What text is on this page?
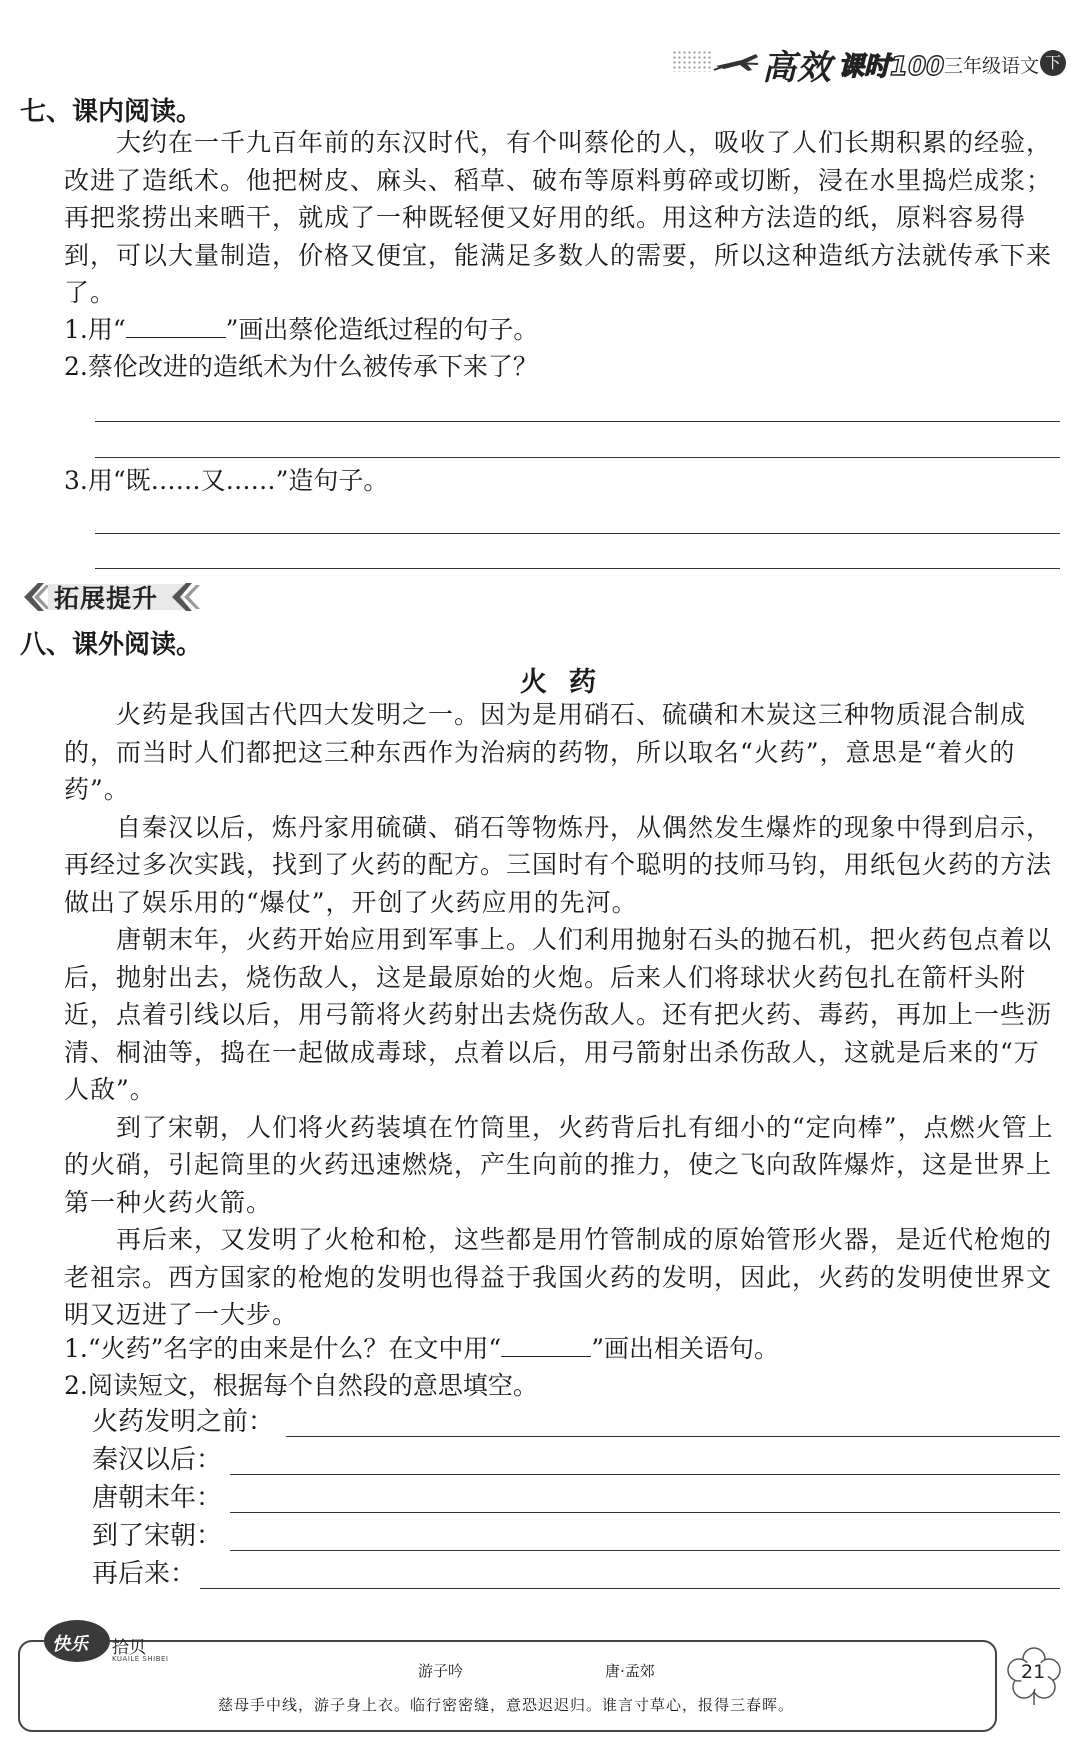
高效 课时100 三年级语文 下
七、课内阅读。

大约在一千九百年前的东汉时代，有个叫蔡伦的人，吸收了人们长期积累的经验，改进了造纸术。他把树皮、麻头、稻草、破布等原料剪碎或切断，浸在水里捣烂成浆；再把浆捞出来晒干，就成了一种既轻便又好用的纸。用这种方法造的纸，原料容易得到，可以大量制造，价格又便宜，能满足多数人的需要，所以这种造纸方法就传承下来了。

1.用“	”画出蔡伦造纸过程的句子。
2.蔡伦改进的造纸术为什么被传承下来了？
3.用“既……又……”造句子。
拓展提升
八、课外阅读。
火药

火药是我国古代四大发明之一。因为是用硝石、硫磺和木炭这三种物质混合制成的，而当时人们都把这三种东西作为治病的药物，所以取名“火药”，意思是“着火的药”。

自秦汉以后，炼丹家用硫磺、硝石等物炼丹，从偶然发生爆炸的现象中得到启示，再经过多次实践，找到了火药的配方。三国时有个聪明的技师马钧，用纸包火药的方法做出了娱乐用的“爆仗”，开创了火药应用的先河。

唐朝末年，火药开始应用到军事上。人们利用抛射石头的抛石机，把火药包点着以后，抛射出去，烧伤敌人，这是最原始的火炮。后来人们将球状火药包扎在箭杆头附近，点着引线以后，用弓箭将火药射出去烧伤敌人。还有把火药、毒药，再加上一些沥清、桐油等，捣在一起做成毒球，点着以后，用弓箭射出杀伤敌人，这就是后来的“万人敌”。

到了宋朝，人们将火药装填在竹筒里，火药背后扎有细小的“定向棒”，点燃火管上的火硝，引起筒里的火药迅速燃烧，产生向前的推力，使之飞向敌阵爆炸，这是世界上第一种火药火箭。

再后来，又发明了火枪和枪，这些都是用竹管制成的原始管形火器，是近代枪炮的老祖宗。西方国家的枪炮的发明也得益于我国火药的发明，因此，火药的发明使世界文明又迈进了一大步。

1.“火药”名字的由来是什么？在文中用“	”画出相关语句。
2.阅读短文，根据每个自然段的意思填空。
火药发明之前：
秦汉以后：
唐朝末年：
到了宋朝：
再后来：
快乐 拾贝
KUAILE SHIBEI
游子吟	唐·孟郊
慈母手中线，游子身上衣。临行密密缝，意恐迟迟归。谁言寸草心，报得三春晖。
21
